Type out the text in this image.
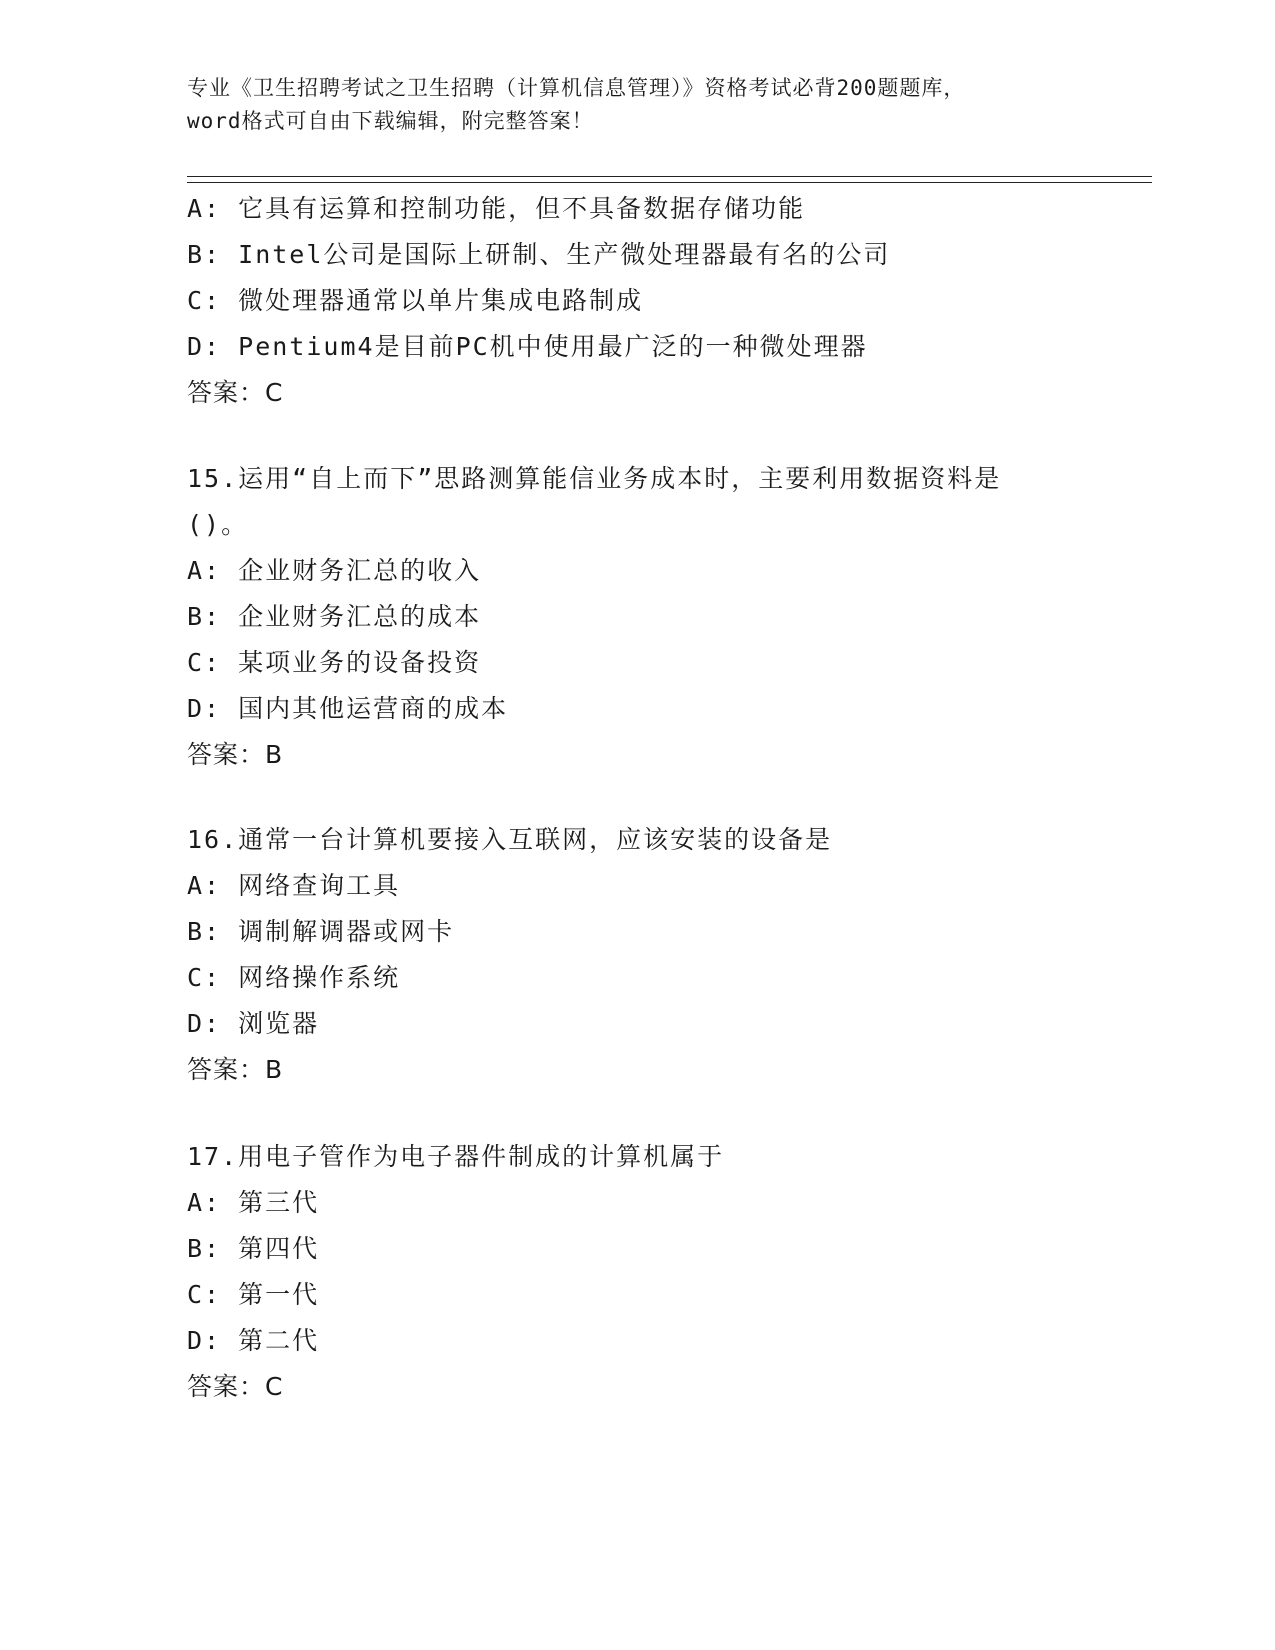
专业《卫生招聘考试之卫生招聘（计算机信息管理）》资格考试必背200题题库，
word格式可自由下载编辑，附完整答案！
A: 它具有运算和控制功能，但不具备数据存储功能
B: Intel公司是国际上研制、生产微处理器最有名的公司
C: 微处理器通常以单片集成电路制成
D: Pentium4是目前PC机中使用最广泛的一种微处理器
答案：C
15.运用“自上而下”思路测算能信业务成本时，主要利用数据资料是
()。
A: 企业财务汇总的收入
B: 企业财务汇总的成本
C: 某项业务的设备投资
D: 国内其他运营商的成本
答案：B
16.通常一台计算机要接入互联网，应该安装的设备是
A: 网络查询工具
B: 调制解调器或网卡
C: 网络操作系统
D: 浏览器
答案：B
17.用电子管作为电子器件制成的计算机属于
A: 第三代
B: 第四代
C: 第一代
D: 第二代
答案：C
